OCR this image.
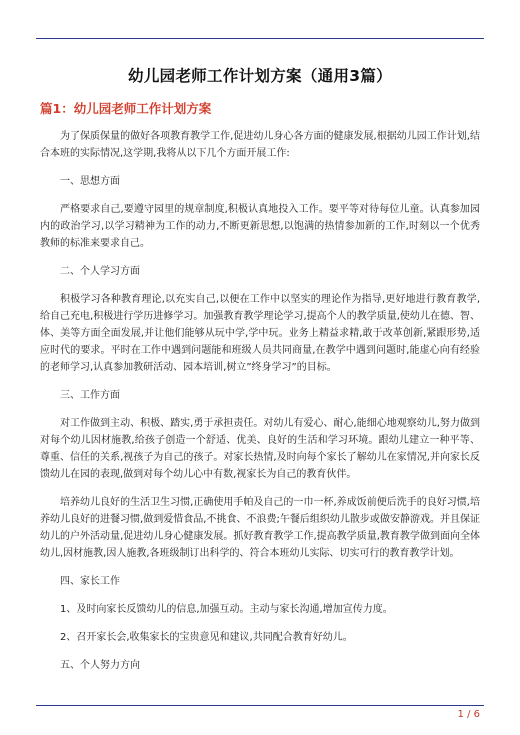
幼儿园老师工作计划方案（通用3篇）
篇1：幼儿园老师工作计划方案

为了保质保量的做好各项教育教学工作,促进幼儿身心各方面的健康发展,根据幼儿园工作计划,结合本班的实际情况,这学期,我将从以下几个方面开展工作:

一、思想方面

严格要求自己,要遵守园里的规章制度,积极认真地投入工作。要平等对待每位儿童。认真参加园内的政治学习,以学习精神为工作的动力,不断更新思想,以饱满的热情参加新的工作,时刻以一个优秀教师的标准来要求自己。

二、个人学习方面

积极学习各种教育理论,以充实自己,以便在工作中以坚实的理论作为指导,更好地进行教育教学,给自己充电,积极进行学历进修学习。加强教育教学理论学习,提高个人的教学质量,使幼儿在德、智、体、美等方面全面发展,并让他们能够从玩中学,学中玩。业务上精益求精,敢于改革创新,紧跟形势,适应时代的要求。平时在工作中遇到问题能和班级人员共同商量,在教学中遇到问题时,能虚心向有经验的老师学习,认真参加教研活动、园本培训,树立”终身学习”的目标。

三、工作方面

对工作做到主动、积极、踏实,勇于承担责任。对幼儿有爱心、耐心,能细心地观察幼儿,努力做到对每个幼儿因材施教,给孩子创造一个舒适、优美、良好的生活和学习环境。跟幼儿建立一种平等、尊重、信任的关系,视孩子为自己的孩子。对家长热情,及时向每个家长了解幼儿在家情况,并向家长反馈幼儿在园的表现,做到对每个幼儿心中有数,视家长为自己的教育伙伴。

培养幼儿良好的生活卫生习惯,正确使用手帕及自己的一巾一杯,养成饭前便后洗手的良好习惯,培养幼儿良好的进餐习惯,做到爱惜食品,不挑食、不浪费;午餐后组织幼儿散步或做安静游戏。并且保证幼儿的户外活动量,促进幼儿身心健康发展。抓好教育教学工作,提高教学质量,教育教学做到面向全体幼儿,因材施教,因人施教,各班级制订出科学的、符合本班幼儿实际、切实可行的教育教学计划。

四、家长工作

1、及时向家长反馈幼儿的信息,加强互动。主动与家长沟通,增加宣传力度。

2、召开家长会,收集家长的宝贵意见和建议,共同配合教育好幼儿。

五、个人努力方向

1 / 6
